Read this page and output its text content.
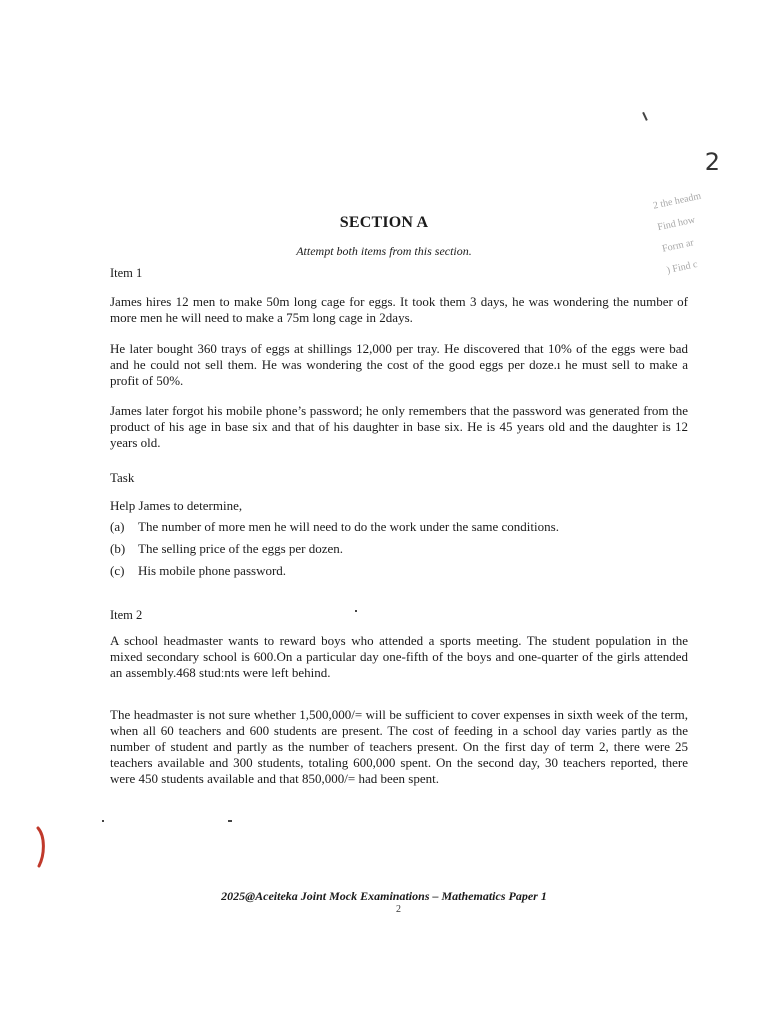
2
2 the headm
Find how
Form ar
) Find c
SECTION A
Attempt both items from this section.
Item 1
James hires 12 men to make 50m long cage for eggs. It took them 3 days, he was wondering the number of more men he will need to make a 75m long cage in 2days.
He later bought 360 trays of eggs at shillings 12,000 per tray. He discovered that 10% of the eggs were bad and he could not sell them. He was wondering the cost of the good eggs per doze.ı he must sell to make a profit of 50%.
James later forgot his mobile phone’s password; he only remembers that the password was generated from the product of his age in base six and that of his daughter in base six. He is 45 years old and the daughter is 12 years old.
Task
Help James to determine,
(a) The number of more men he will need to do the work under the same conditions.
(b) The selling price of the eggs per dozen.
(c) His mobile phone password.
Item 2
A school headmaster wants to reward boys who attended a sports meeting. The student population in the mixed secondary school is 600.On a particular day one-fifth of the boys and one-quarter of the girls attended an assembly.468 studːnts were left behind.
The headmaster is not sure whether 1,500,000/= will be sufficient to cover expenses in sixth week of the term, when all 60 teachers and 600 students are present. The cost of feeding in a school day varies partly as the number of student and partly as the number of teachers present. On the first day of term 2, there were 25 teachers available and 300 students, totaling 600,000 spent. On the second day, 30 teachers reported, there were 450 students available and that 850,000/= had been spent.
2025@Aceiteka Joint Mock Examinations – Mathematics Paper 1
2
